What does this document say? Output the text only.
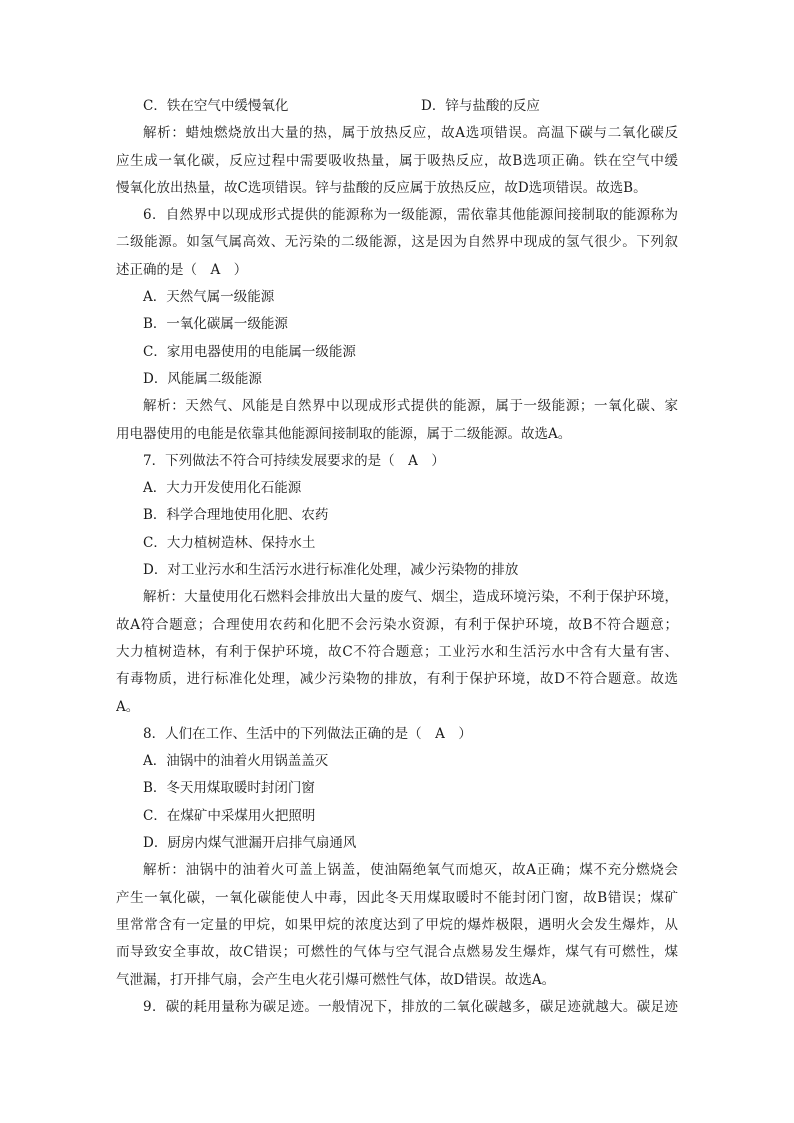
C．铁在空气中缓慢氧化	D．锌与盐酸的反应
解析：蜡烛燃烧放出大量的热，属于放热反应，故A选项错误。高温下碳与二氧化碳反
应生成一氧化碳，反应过程中需要吸收热量，属于吸热反应，故B选项正确。铁在空气中缓
慢氧化放出热量，故C选项错误。锌与盐酸的反应属于放热反应，故D选项错误。故选B。
6．自然界中以现成形式提供的能源称为一级能源，需依靠其他能源间接制取的能源称为
二级能源。如氢气属高效、无污染的二级能源，这是因为自然界中现成的氢气很少。下列叙
述正确的是（　A　）
A．天然气属一级能源
B．一氧化碳属一级能源
C．家用电器使用的电能属一级能源
D．风能属二级能源
解析：天然气、风能是自然界中以现成形式提供的能源，属于一级能源；一氧化碳、家
用电器使用的电能是依靠其他能源间接制取的能源，属于二级能源。故选A。
7．下列做法不符合可持续发展要求的是（　A　）
A．大力开发使用化石能源
B．科学合理地使用化肥、农药
C．大力植树造林、保持水土
D．对工业污水和生活污水进行标准化处理，减少污染物的排放
解析：大量使用化石燃料会排放出大量的废气、烟尘，造成环境污染，不利于保护环境，
故A符合题意；合理使用农药和化肥不会污染水资源，有利于保护环境，故B不符合题意；
大力植树造林，有利于保护环境，故C不符合题意；工业污水和生活污水中含有大量有害、
有毒物质，进行标准化处理，减少污染物的排放，有利于保护环境，故D不符合题意。故选
A。
8．人们在工作、生活中的下列做法正确的是（　A　）
A．油锅中的油着火用锅盖盖灭
B．冬天用煤取暖时封闭门窗
C．在煤矿中采煤用火把照明
D．厨房内煤气泄漏开启排气扇通风
解析：油锅中的油着火可盖上锅盖，使油隔绝氧气而熄灭，故A正确；煤不充分燃烧会
产生一氧化碳，一氧化碳能使人中毒，因此冬天用煤取暖时不能封闭门窗，故B错误；煤矿
里常常含有一定量的甲烷，如果甲烷的浓度达到了甲烷的爆炸极限，遇明火会发生爆炸，从
而导致安全事故，故C错误；可燃性的气体与空气混合点燃易发生爆炸，煤气有可燃性，煤
气泄漏，打开排气扇，会产生电火花引爆可燃性气体，故D错误。故选A。
9．碳的耗用量称为碳足迹。一般情况下，排放的二氧化碳越多，碳足迹就越大。碳足迹
